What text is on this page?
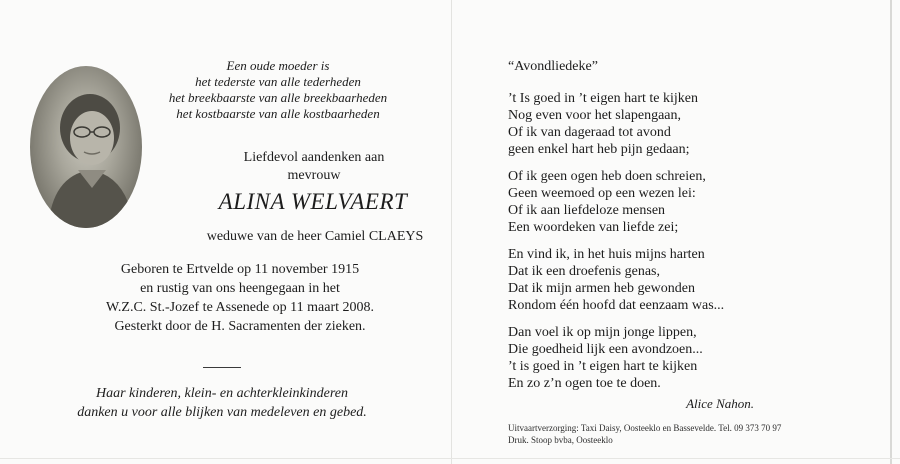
Een oude moeder is
het tederste van alle tederheden
het breekbaarste van alle breekbaarheden
het kostbaarste van alle kostbaarheden
Liefdevol aandenken aan
mevrouw
ALINA WELVAERT
weduwe van de heer Camiel CLAEYS
Geboren te Ertvelde op 11 november 1915
en rustig van ons heengegaan in het
W.Z.C. St.-Jozef te Assenede op 11 maart 2008.
Gesterkt door de H. Sacramenten der zieken.
Haar kinderen, klein- en achterkleinkinderen
danken u voor alle blijken van medeleven en gebed.
“Avondliedeke”
’t Is goed in ’t eigen hart te kijken
Nog even voor het slapengaan,
Of ik van dageraad tot avond
geen enkel hart heb pijn gedaan;
Of ik geen ogen heb doen schreien,
Geen weemoed op een wezen lei:
Of ik aan liefdeloze mensen
Een woordeken van liefde zei;
En vind ik, in het huis mijns harten
Dat ik een droefenis genas,
Dat ik mijn armen heb gewonden
Rondom één hoofd dat eenzaam was...
Dan voel ik op mijn jonge lippen,
Die goedheid lijk een avondzoen...
’t is goed in ’t eigen hart te kijken
En zo z’n ogen toe te doen.
Alice Nahon.
Uitvaartverzorging: Taxi Daisy, Oosteeklo en Bassevelde. Tel. 09 373 70 97
Druk. Stoop bvba, Oosteeklo
